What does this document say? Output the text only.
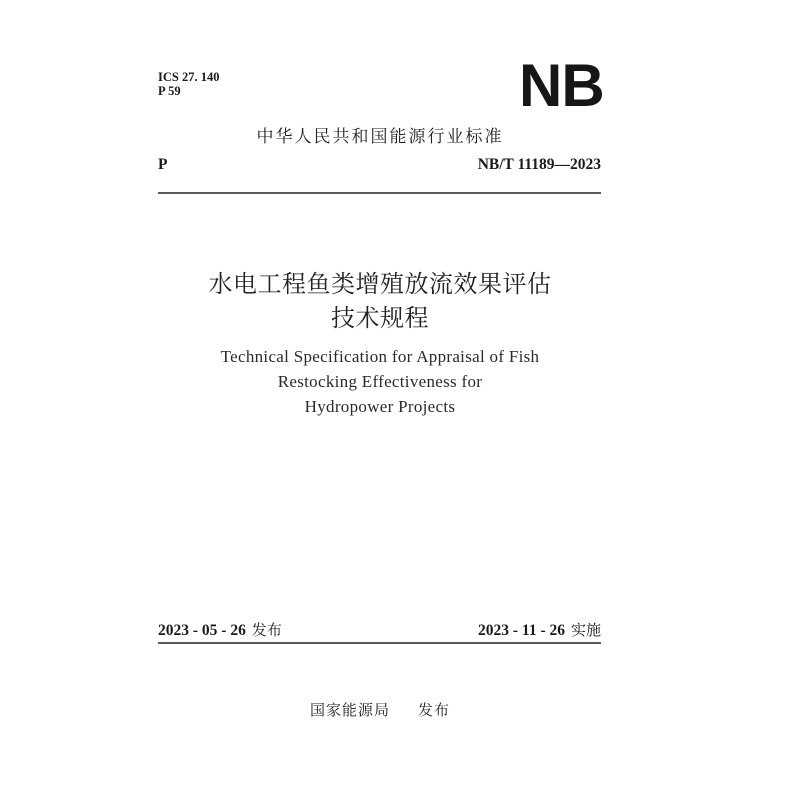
ICS 27. 140
P 59	NB
中华人民共和国能源行业标准
P	NB/T 11189—2023
水电工程鱼类增殖放流效果评估
技术规程
Technical Specification for Appraisal of Fish
Restocking Effectiveness for
Hydropower Projects
2023 - 05 - 26 发布	2023 - 11 - 26 实施
国家能源局 发布
